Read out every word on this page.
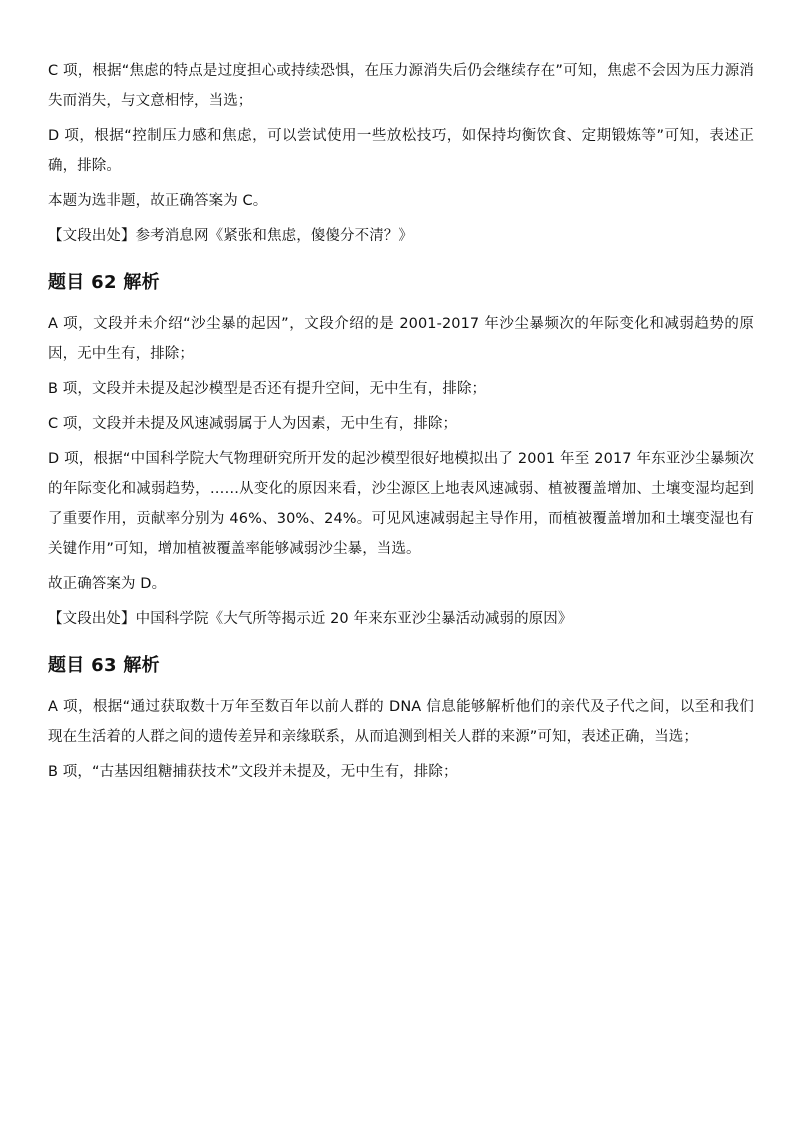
C 项，根据“焦虑的特点是过度担心或持续恐惧，在压力源消失后仍会继续存在”可知，焦虑不会因为压力源消失而消失，与文意相悖，当选；

D 项，根据“控制压力感和焦虑，可以尝试使用一些放松技巧，如保持均衡饮食、定期锻炼等”可知，表述正确，排除。

本题为选非题，故正确答案为 C。

【文段出处】参考消息网《紧张和焦虑，傻傻分不清？》

题目 62 解析

A 项，文段并未介绍“沙尘暴的起因”，文段介绍的是 2001-2017 年沙尘暴频次的年际变化和减弱趋势的原因，无中生有，排除；

B 项，文段并未提及起沙模型是否还有提升空间，无中生有，排除；

C 项，文段并未提及风速减弱属于人为因素，无中生有，排除；

D 项，根据“中国科学院大气物理研究所开发的起沙模型很好地模拟出了 2001 年至 2017 年东亚沙尘暴频次的年际变化和减弱趋势，……从变化的原因来看，沙尘源区上地表风速减弱、植被覆盖增加、土壤变湿均起到了重要作用，贡献率分别为 46%、30%、24%。可见风速减弱起主导作用，而植被覆盖增加和土壤变湿也有关键作用”可知，增加植被覆盖率能够减弱沙尘暴，当选。

故正确答案为 D。

【文段出处】中国科学院《大气所等揭示近 20 年来东亚沙尘暴活动减弱的原因》

题目 63 解析

A 项，根据“通过获取数十万年至数百年以前人群的 DNA 信息能够解析他们的亲代及子代之间，以至和我们现在生活着的人群之间的遗传差异和亲缘联系，从而追测到相关人群的来源”可知，表述正确，当选；

B 项，“古基因组糖捕获技术”文段并未提及，无中生有，排除；
